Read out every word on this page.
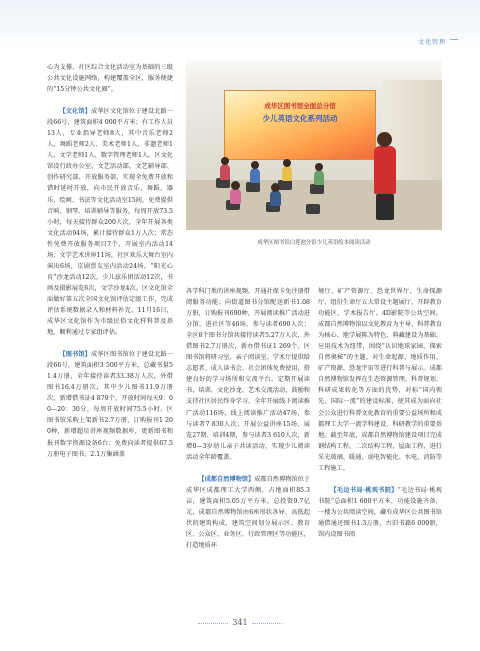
文化管理

心为支撑、社区综合文化活动室为基础的三级公共文化设施网络，构建覆盖全区、服务便捷的“15分钟公共文化圈”。

【文化馆】成华区文化馆位于建设北路一段66号，建筑面积4 000平方米；有工作人员13人，专业指导老师8人，其中音乐老师2人、舞蹈老师2人、美术老师1人、非遗老师1人、文学老师1人、数字管理老师1人。区文化馆设行政办公室、文艺活动部、文艺辅导部、创作研究部、开放服务部，实现全免费开放和错时延时开放，向市民开放音乐、舞蹈、器乐、绘画、书法等文化活动室15间，免费提供音响、钢琴、培训辅导等服务，每周开放73.5小时，每天接待群众200人次，全年开展各类文化活动94场，累计接待群众1万人次；常态性免费开放服务项目7个，开展室内活动14场，文学艺术讲座11场，社区欢乐大舞台室内演出6场，京剧票友室内活动24场，“阳光心育”沙龙活动12次，少儿兹乐团活动12次，书画及摄影展览6次，文学沙龙4次。区文化馆全面做好第五次全国文化馆评估定级工作，完成评估系统数据录入和材料补充。11月16日，成华区文化馆作为市级民俗文化样科普及基地，顺利通过专家组评估。

【图书馆】成华区图书馆位于建设北路一段66号，建筑面积3 500平方米，总藏书量51.4万册，全年接待读者33.38万人次，外借图书16.4万册次，其中少儿图书11.9万册次，新增借书证4 879个，开放时间每天9：00—20：30分，每周开放时间75.5小时。区图书馆采购上架新书2.7万册，订购报刊1 200种，新增超星讲座视频数据库，更新图书和报刊数字资源设备6台；免费向读者提供67.5万册电子图书，2.1万集涵盖

成华区图书馆全面总分馆
少儿英语文化系列活动
成华区图书馆白莲池分馆少儿英语绘本阅读活动

各学科门类的讲座视频，开通社保卡免注册借阅服务功能；向街道图书分馆配送新书1.08万册，订购报刊690种，开展阅读推广活动进分馆，进社区等46场，参与读者690人次；全区8个图书分馆共接待读者5.27万人次，外借图书2.7万册次，新办借书证1 269个。区图书馆将研习室、亲子阅读室、学术厅提供给志愿者、成人读书会、社会团体免费使用，搭建良好的学习场所和交流平台。定期开展读书、培训、文化沙龙、艺术交流活动，鼓励和支持社区居民终身学习，全年开展线下阅读推广活动116场，线上阅读推广活动47场，参与读者7 830人次；开展公益讲座15场、展览27期、培训4期，参与读者3 610人次，新增0—3岁幼儿亲子共读活动，实现少儿阅读活动全年龄覆盖。

【成都自然博物馆】成都自然博物馆位于成华区成都理工大学西侧，占地面积85.3亩，建筑面积5.05万平方米，总投资9.7亿元，成都自然博物馆由6座形状各异、高低起伏的建筑构成，建筑空间划分展示区、教育区、公众区、业务区、行政管理区等功能区，打造地质环

境厅、矿产资源厅、恐龙世界厅、生命探源厅、组份生命厅五大常设主题展厅，开辟教育功能区、学术报告厅、4D影院等公共空间。成都自然博物馆以文化教育为主导、科普教育为核心、地学展陈为特色、典藏建设为基础、应用技术为纽带，围绕“认识地球家园，探索自然奥秘”的主题，对生命起源、地质作用、矿产资源、恐龙宇宙等进行科普与展示。成都自然博物馆发挥在生态资源管理、科普规划、科研成果转化等方面的优势，对标“国内领先、国际一流”的建设标准，使其成为面向社会公众进行科普文化教育的重要公益场所和成都理工大学一流学科建设、科研教学的重要基地。截至年底，成都自然博物馆建设项目完成钢结构工程、二次结构工程，屋面工程，进行采光玻璃、暖通、弱电智能化、水电、消防等工程施工。

【毛边书局·桃观书院】“毛边书局·桃观书院”总面积1 600平方米，功能设施齐备，一楼为公共阅读空间，藏有成华区公共图书馆通借通还图书1.3万册，古旧书籍6 000册，馆内设图书阅

341
